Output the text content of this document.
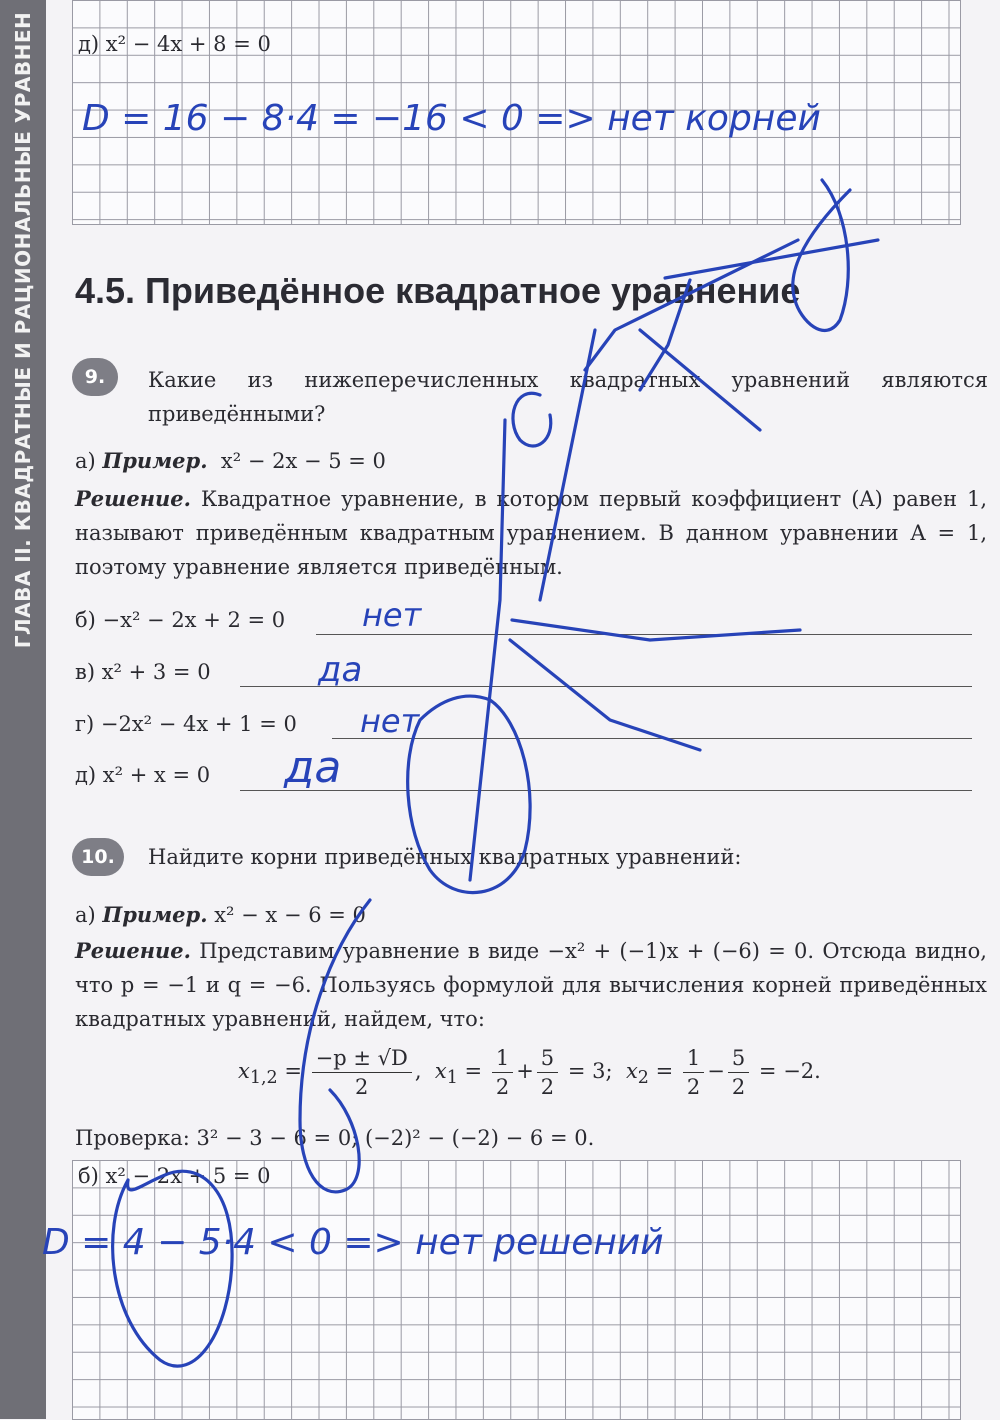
ГЛАВА II. КВАДРАТНЫЕ И РАЦИОНАЛЬНЫЕ УРАВНЕН д) x² − 4x + 8 = 0
D = 16 − 8·4 = −16 < 0 => нет корней
4.5. Приведённое квадратное уравнение
9.	Какие из нижеперечисленных квадратных уравнений являются приведёнными?
а) Пример. x² − 2x − 5 = 0
Решение. Квадратное уравнение, в котором первый коэффициент (A) равен 1, называют приведённым квадратным уравнением. В данном уравнении A = 1, поэтому уравнение является приведённым.
б) −x² − 2x + 2 = 0 нет
в) x² + 3 = 0	да
г) −2x² − 4x + 1 = 0 нет
д) x² + x = 0 да
10.	Найдите корни приведённых квадратных уравнений:
а) Пример. x² − x − 6 = 0
Решение. Представим уравнение в виде −x² + (−1)x + (−6) = 0. Отсюда видно, что p = −1 и q = −6. Пользуясь формулой для вычисления корней приведённых квадратных уравнений, найдем, что:
$x_{1,2} = \frac{-p \pm √D}{2}$ ,  $x_1 = \frac{1}{2} + \frac{5}{2} = 3$; $x_2 = \frac{1}{2} - \frac{5}{2} = -2$.
Проверка: 3² − 3 − 6 = 0; (−2)² − (−2) − 6 = 0.
б) x² − 2x + 5 = 0
D = 4 − 5·4 < 0 => нет решений
